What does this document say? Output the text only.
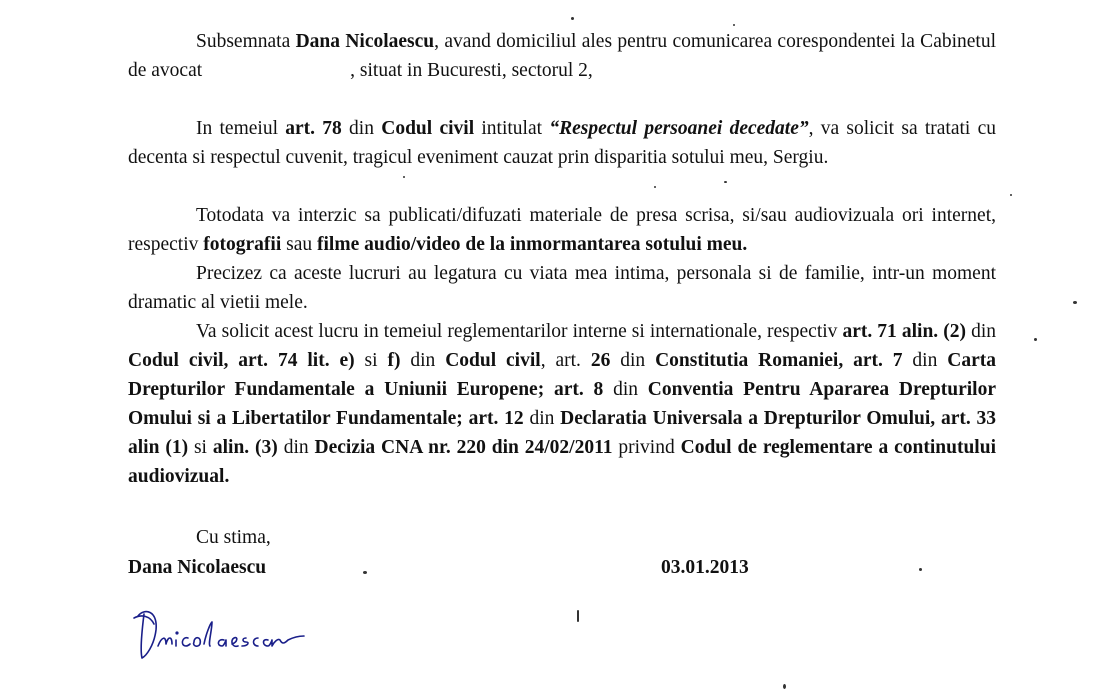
Subsemnata Dana Nicolaescu, avand domiciliul ales pentru comunicarea corespondentei la Cabinetul de avocat	, situat in Bucuresti, sectorul 2,

In temeiul art. 78 din Codul civil intitulat “Respectul persoanei decedate”, va solicit sa tratati cu decenta si respectul cuvenit, tragicul eveniment cauzat prin disparitia sotului meu, Sergiu.

Totodata va interzic sa publicati/difuzati materiale de presa scrisa, si/sau audiovizuala ori internet, respectiv fotografii sau filme audio/video de la inmormantarea sotului meu.

Precizez ca aceste lucruri au legatura cu viata mea intima, personala si de familie, intr-un moment dramatic al vietii mele.

Va solicit acest lucru in temeiul reglementarilor interne si internationale, respectiv art. 71 alin. (2) din Codul civil, art. 74 lit. e) si f) din Codul civil, art. 26 din Constitutia Romaniei, art. 7 din Carta Drepturilor Fundamentale a Uniunii Europene; art. 8 din Conventia Pentru Apararea Drepturilor Omului si a Libertatilor Fundamentale; art. 12 din Declaratia Universala a Drepturilor Omului, art. 33 alin (1) si alin. (3) din Decizia CNA nr. 220 din 24/02/2011 privind Codul de reglementare a continutului audiovizual.

Cu stima,
Dana Nicolaescu	03.01.2013
